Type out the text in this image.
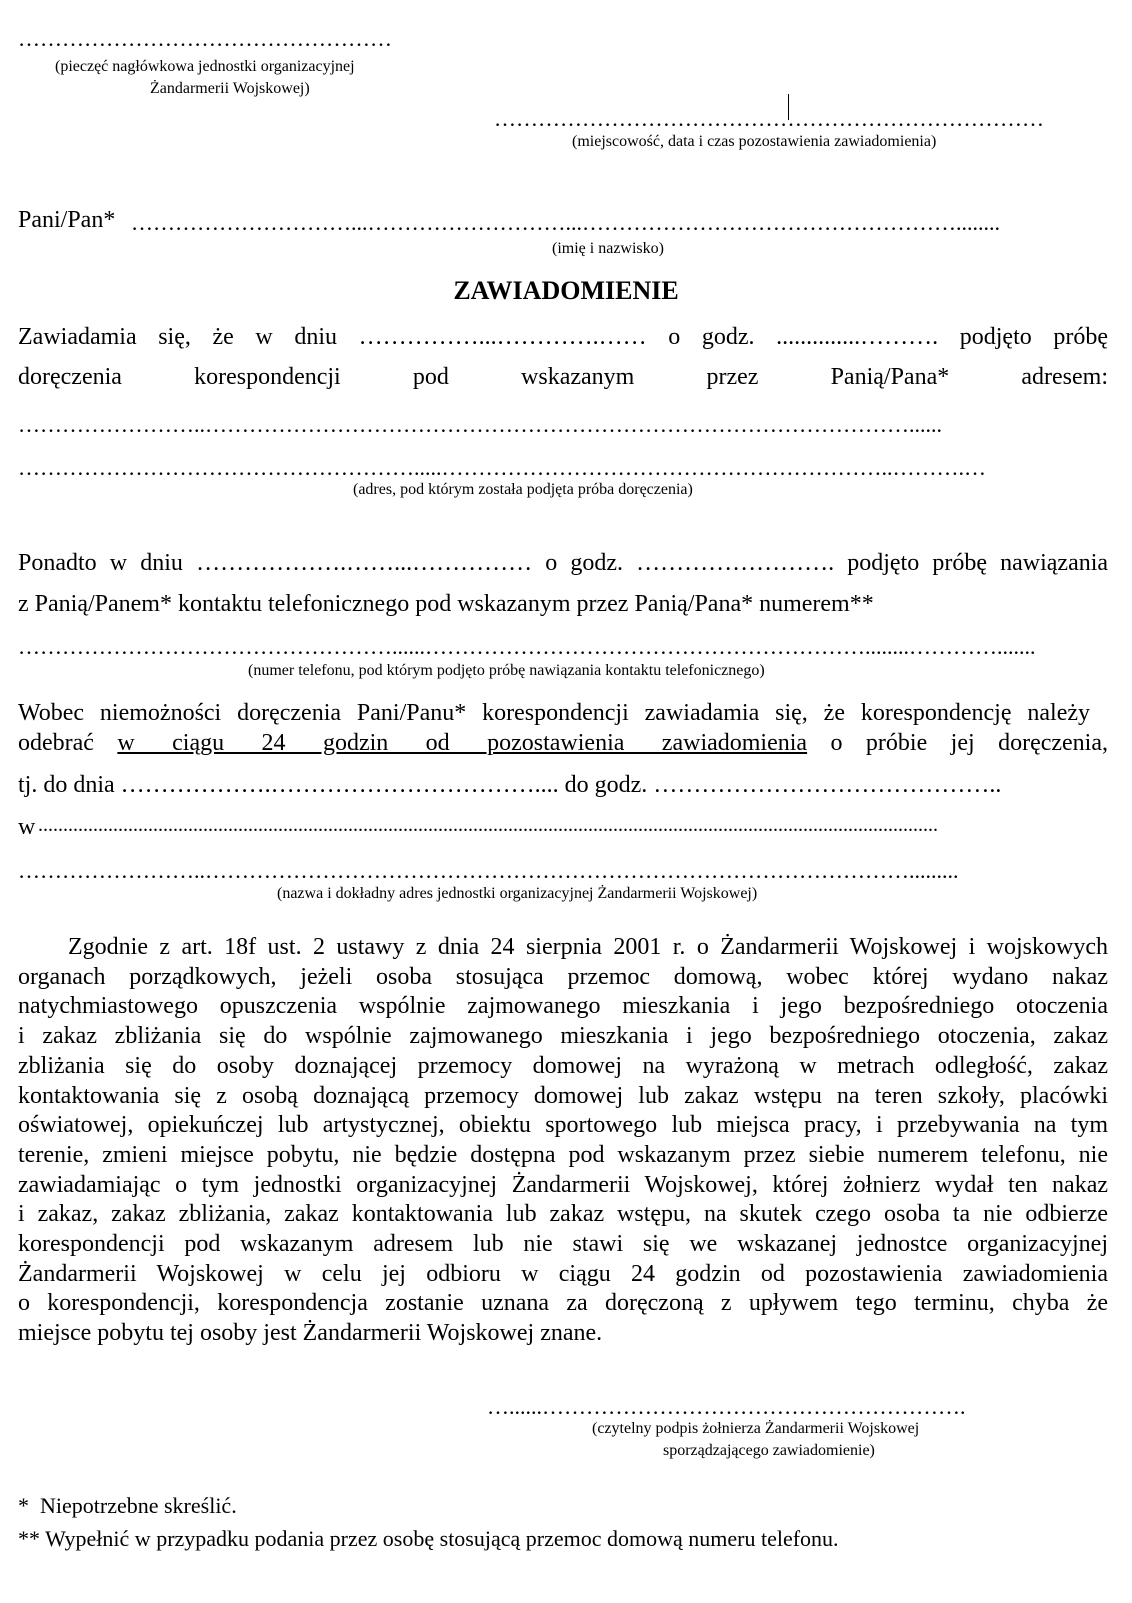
……………………………………………
(pieczęć nagłówkowa jednostki organizacyjnej
Żandarmerii Wojskowej)
…………………………………………………………………
(miejscowość, data i czas pozostawienia zawiadomienia)
Pani/Pan* …………………………...………………………...……………………………………………........
(imię i nazwisko)
ZAWIADOMIENIE
Zawiadamia się, że w dniu ……………...………….…… o godz. ..............………. podjęto próbę
doręczenia	korespondencji	pod	wskazanym	przez	Panią/Pana*	adresem:
……………………..……………………………………………………………………………………......
……………………………………………….....……………………………………………………..……….…
(adres, pod którym została podjęta próba doręczenia)
Ponadto w dniu ……………….……...…………… o godz. ……………………. podjęto próbę nawiązania
z Panią/Panem* kontaktu telefonicznego pod wskazanym przez Panią/Pana* numerem**
……………………………………………......……………………………………………………........………….......
(numer telefonu, pod którym podjęto próbę nawiązania kontaktu telefonicznego)
Wobec niemożności doręczenia Pani/Panu* korespondencji zawiadamia się, że korespondencję należy
odebrać w ciągu 24 godzin od pozostawienia zawiadomienia o próbie jej doręczenia,
tj. do dnia ……………….…………………………….... do godz. ……………………………………..
w ....................................................................................................................................................................................
……………………..…………………………………………………………………………………….........
(nazwa i dokładny adres jednostki organizacyjnej Żandarmerii Wojskowej)
Zgodnie z art. 18f ust. 2 ustawy z dnia 24 sierpnia 2001 r. o Żandarmerii Wojskowej i wojskowych
organach porządkowych, jeżeli osoba stosująca przemoc domową, wobec której wydano nakaz
natychmiastowego opuszczenia wspólnie zajmowanego mieszkania i jego bezpośredniego otoczenia
i zakaz zbliżania się do wspólnie zajmowanego mieszkania i jego bezpośredniego otoczenia, zakaz
zbliżania się do osoby doznającej przemocy domowej na wyrażoną w metrach odległość, zakaz
kontaktowania się z osobą doznającą przemocy domowej lub zakaz wstępu na teren szkoły, placówki
oświatowej, opiekuńczej lub artystycznej, obiektu sportowego lub miejsca pracy, i przebywania na tym
terenie, zmieni miejsce pobytu, nie będzie dostępna pod wskazanym przez siebie numerem telefonu, nie
zawiadamiając o tym jednostki organizacyjnej Żandarmerii Wojskowej, której żołnierz wydał ten nakaz
i zakaz, zakaz zbliżania, zakaz kontaktowania lub zakaz wstępu, na skutek czego osoba ta nie odbierze
korespondencji pod wskazanym adresem lub nie stawi się we wskazanej jednostce organizacyjnej
Żandarmerii Wojskowej w celu jej odbioru w ciągu 24 godzin od pozostawienia zawiadomienia
o korespondencji, korespondencja zostanie uznana za doręczoną z upływem tego terminu, chyba że
miejsce pobytu tej osoby jest Żandarmerii Wojskowej znane.
…......………………………………………………….
(czytelny podpis żołnierza Żandarmerii Wojskowej
sporządzającego zawiadomienie)
*  Niepotrzebne skreślić.
** Wypełnić w przypadku podania przez osobę stosującą przemoc domową numeru telefonu.
